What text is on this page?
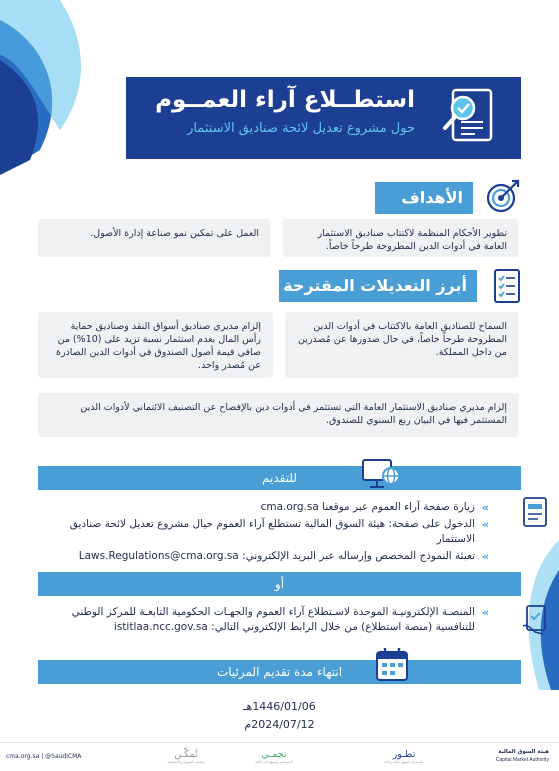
استطــلاع آراء العمــوم
حول مشروع تعديل لائحة صناديق الاستثمار
الأهداف
تطوير الأحكام المنظمة لاكتتاب صناديق الاستثمار العامة في أدوات الدين المطروحة طرحاً خاصاً.
العمل على تمكين نمو صناعة إدارة الأصول.
أبرز التعديلات المقترحة
السماح للصناديق العامة بالاكتتاب في أدوات الدين المطروحة طرحاً خاصاً، في حال صدورها عن مُصدرين من داخل المملكة.
إلزام مديري صناديق أسواق النقد وصناديق حماية رأس المال بعدم استثمار نسبة تزيد على (10%) من صافي قيمة أصول الصندوق في أدوات الدين الصادرة عن مُصدر واحد.
إلزام مديري صناديق الاستثمار العامة التي تستثمر في أدوات دين بالإفصاح عن التصنيف الائتماني لأدوات الدين المستثمر فيها في البيان ربع السنوي للصندوق.
للتقديم
»
زيارة صفحة آراء العموم عبر موقعنا cma.org.sa
»
الدخول على صفحة: هيئة السوق المالية تستطلع آراء العموم حيال مشروع تعديل لائحة صناديق الاستثمار
»
تعبئة النموذج المخصص وإرساله عبر البريد الإلكتروني: Laws.Regulations@cma.org.sa
أو
»
المنصـة الإلكترونيـة الموحدة لاسـتطلاع آراء العموم والجهـات الحكومية التابعـة للمركز الوطني للتنافسية (منصة استطلاع) من خلال الرابط الإلكتروني التالي: istitlaa.ncc.gov.sa
انتهاء مدة تقديم المرئيات
1446/01/06هـ
2024/07/12م
هيئة السوق المالية
Capital Market Authority
تطـور
باستمرار لسوق مالية رائدة
تحمـي
المستثمر وتسهم في الثقة
تُمكّـن
وتيسير التمويل والاستثمار
cma.org.sa | @SaudiCMA
